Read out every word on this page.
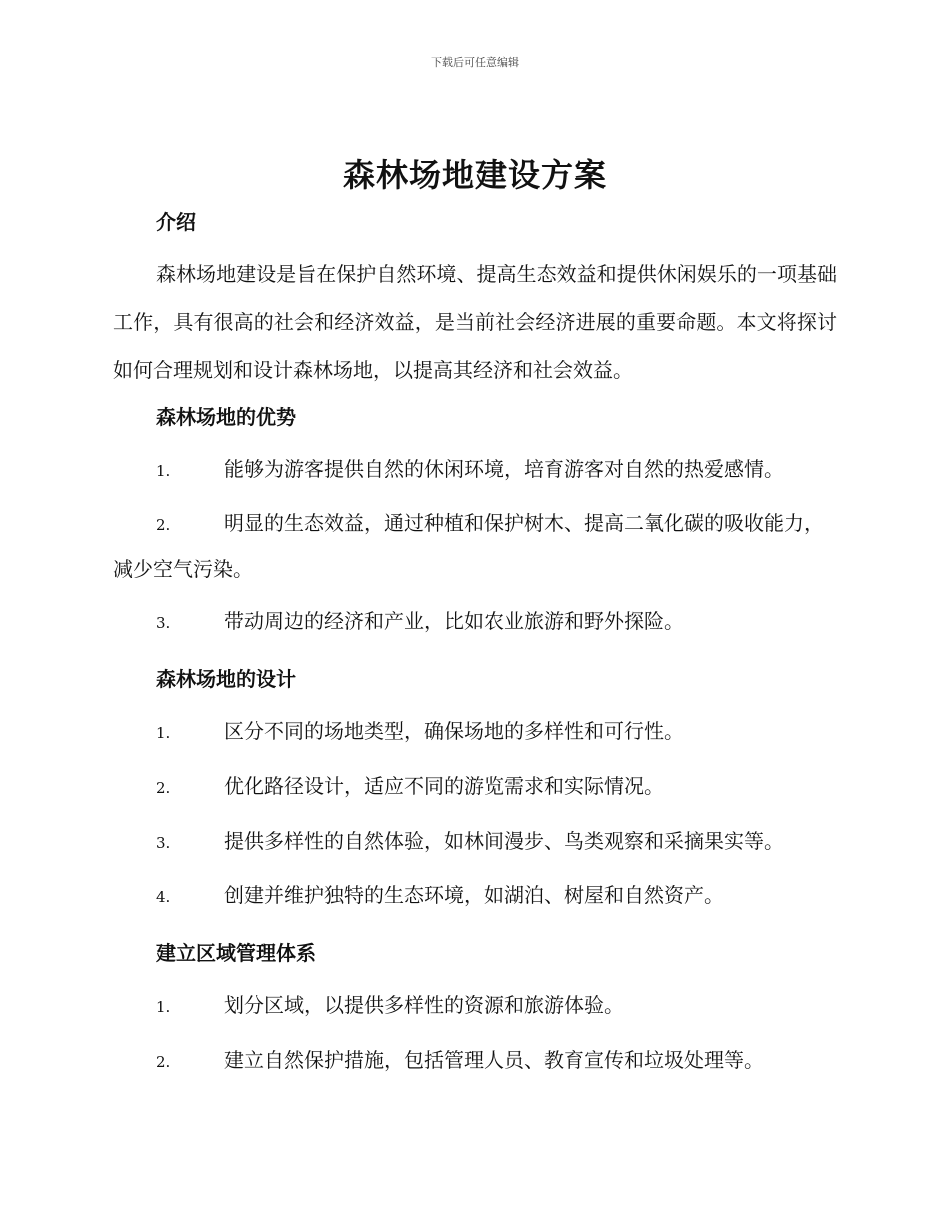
下载后可任意编辑
森林场地建设方案
介绍

森林场地建设是旨在保护自然环境、提高生态效益和提供休闲娱乐的一项基础工作，具有很高的社会和经济效益，是当前社会经济进展的重要命题。本文将探讨如何合理规划和设计森林场地，以提高其经济和社会效益。

森林场地的优势

1.	能够为游客提供自然的休闲环境，培育游客对自然的热爱感情。

2.	明显的生态效益，通过种植和保护树木、提高二氧化碳的吸收能力，减少空气污染。

3.	带动周边的经济和产业，比如农业旅游和野外探险。

森林场地的设计

1.	区分不同的场地类型，确保场地的多样性和可行性。

2.	优化路径设计，适应不同的游览需求和实际情况。

3.	提供多样性的自然体验，如林间漫步、鸟类观察和采摘果实等。

4.	创建并维护独特的生态环境，如湖泊、树屋和自然资产。

建立区域管理体系

1.	划分区域，以提供多样性的资源和旅游体验。

2.	建立自然保护措施，包括管理人员、教育宣传和垃圾处理等。
